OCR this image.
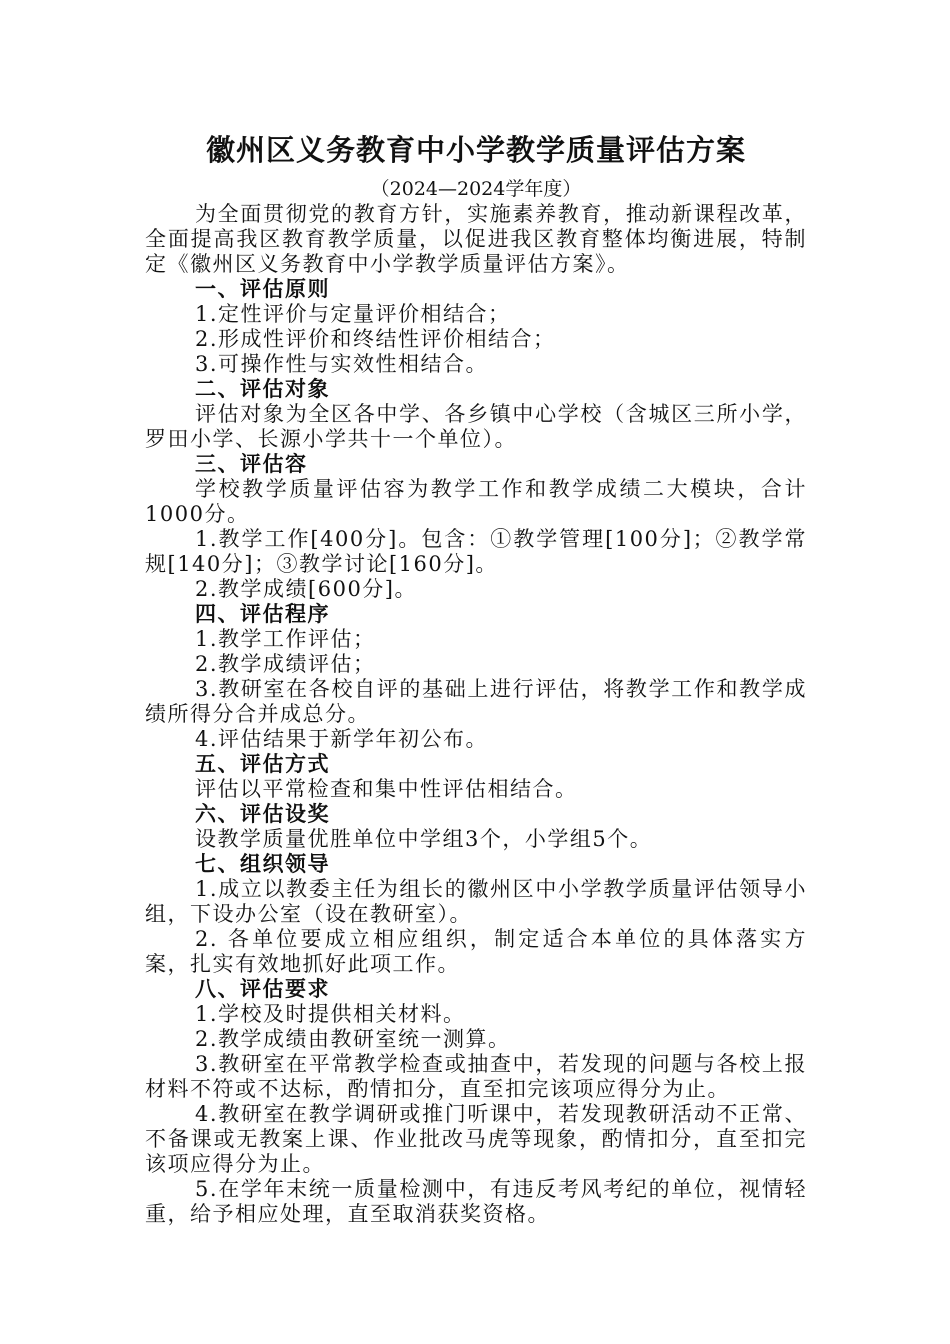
徽州区义务教育中小学教学质量评估方案

（2024—2024学年度）

为全面贯彻党的教育方针，实施素养教育，推动新课程改革，全面提高我区教育教学质量，以促进我区教育整体均衡进展，特制定《徽州区义务教育中小学教学质量评估方案》。

一、评估原则

1.定性评价与定量评价相结合；

2.形成性评价和终结性评价相结合；

3.可操作性与实效性相结合。

二、评估对象

评估对象为全区各中学、各乡镇中心学校（含城区三所小学，罗田小学、长源小学共十一个单位）。

三、评估容

学校教学质量评估容为教学工作和教学成绩二大模块，合计1000分。

1.教学工作[400分]。包含：①教学管理[100分]；②教学常规[140分]；③教学讨论[160分]。

2.教学成绩[600分]。

四、评估程序

1.教学工作评估；

2.教学成绩评估；

3.教研室在各校自评的基础上进行评估，将教学工作和教学成绩所得分合并成总分。

4.评估结果于新学年初公布。

五、评估方式

评估以平常检查和集中性评估相结合。

六、评估设奖

设教学质量优胜单位中学组3个，小学组5个。

七、组织领导

1.成立以教委主任为组长的徽州区中小学教学质量评估领导小组，下设办公室（设在教研室）。

2. 各单位要成立相应组织，制定适合本单位的具体落实方案，扎实有效地抓好此项工作。

八、评估要求

1.学校及时提供相关材料。

2.教学成绩由教研室统一测算。

3.教研室在平常教学检查或抽查中，若发现的问题与各校上报材料不符或不达标，酌情扣分，直至扣完该项应得分为止。

4.教研室在教学调研或推门听课中，若发现教研活动不正常、不备课或无教案上课、作业批改马虎等现象，酌情扣分，直至扣完该项应得分为止。

5.在学年末统一质量检测中，有违反考风考纪的单位，视情轻重，给予相应处理，直至取消获奖资格。
